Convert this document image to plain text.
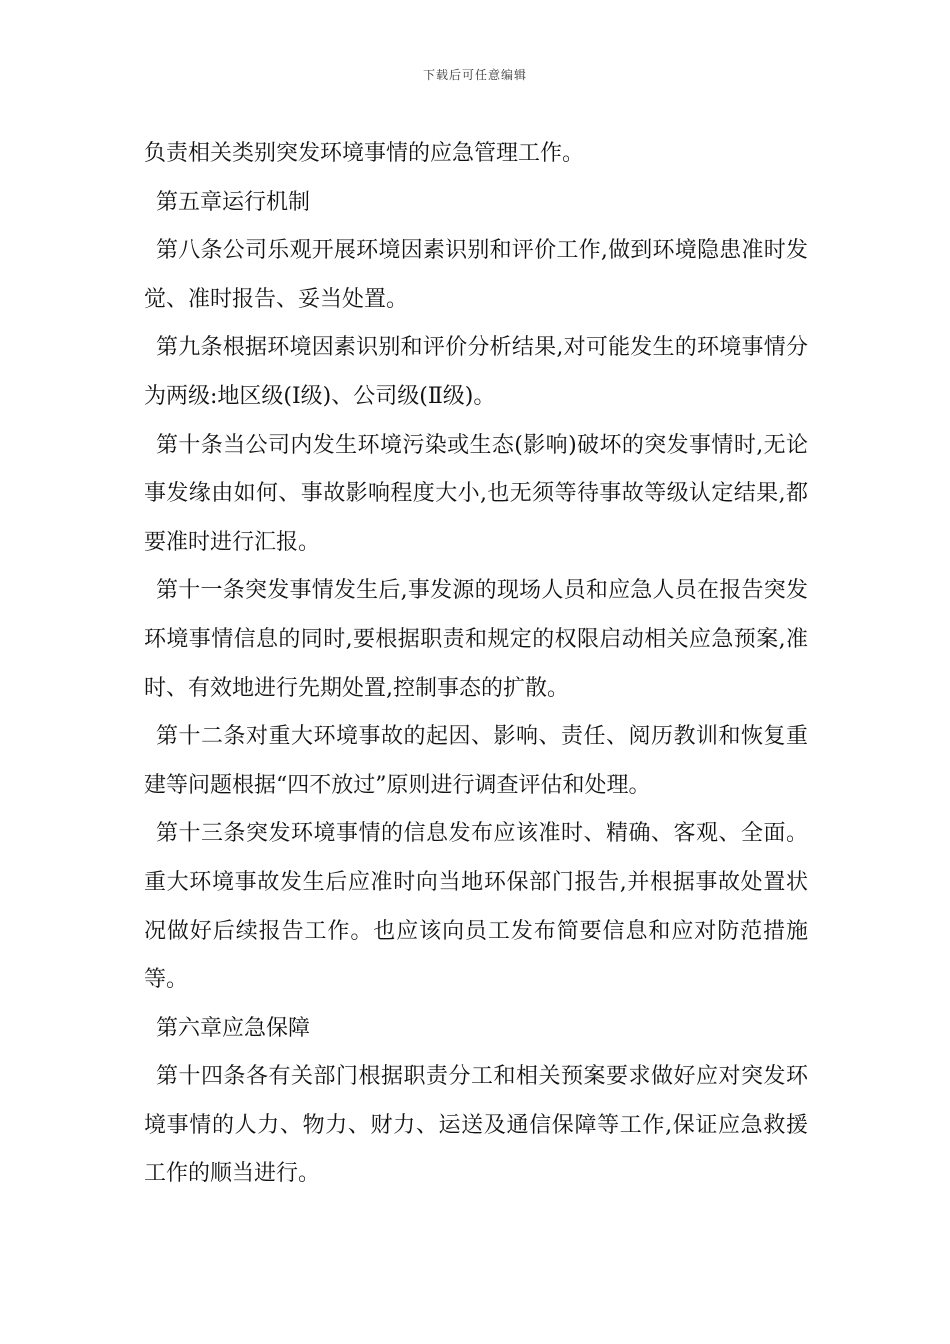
下载后可任意编辑

负责相关类别突发环境事情的应急管理工作。

第五章运行机制

第八条公司乐观开展环境因素识别和评价工作,做到环境隐患准时发觉、准时报告、妥当处置。

第九条根据环境因素识别和评价分析结果,对可能发生的环境事情分为两级:地区级(Ⅰ级)、公司级(Ⅱ级)。

第十条当公司内发生环境污染或生态(影响)破坏的突发事情时,无论事发缘由如何、事故影响程度大小,也无须等待事故等级认定结果,都要准时进行汇报。

第十一条突发事情发生后,事发源的现场人员和应急人员在报告突发环境事情信息的同时,要根据职责和规定的权限启动相关应急预案,准时、有效地进行先期处置,控制事态的扩散。

第十二条对重大环境事故的起因、影响、责任、阅历教训和恢复重建等问题根据“四不放过”原则进行调查评估和处理。

第十三条突发环境事情的信息发布应该准时、精确、客观、全面。重大环境事故发生后应准时向当地环保部门报告,并根据事故处置状况做好后续报告工作。也应该向员工发布简要信息和应对防范措施等。

第六章应急保障

第十四条各有关部门根据职责分工和相关预案要求做好应对突发环境事情的人力、物力、财力、运送及通信保障等工作,保证应急救援工作的顺当进行。
